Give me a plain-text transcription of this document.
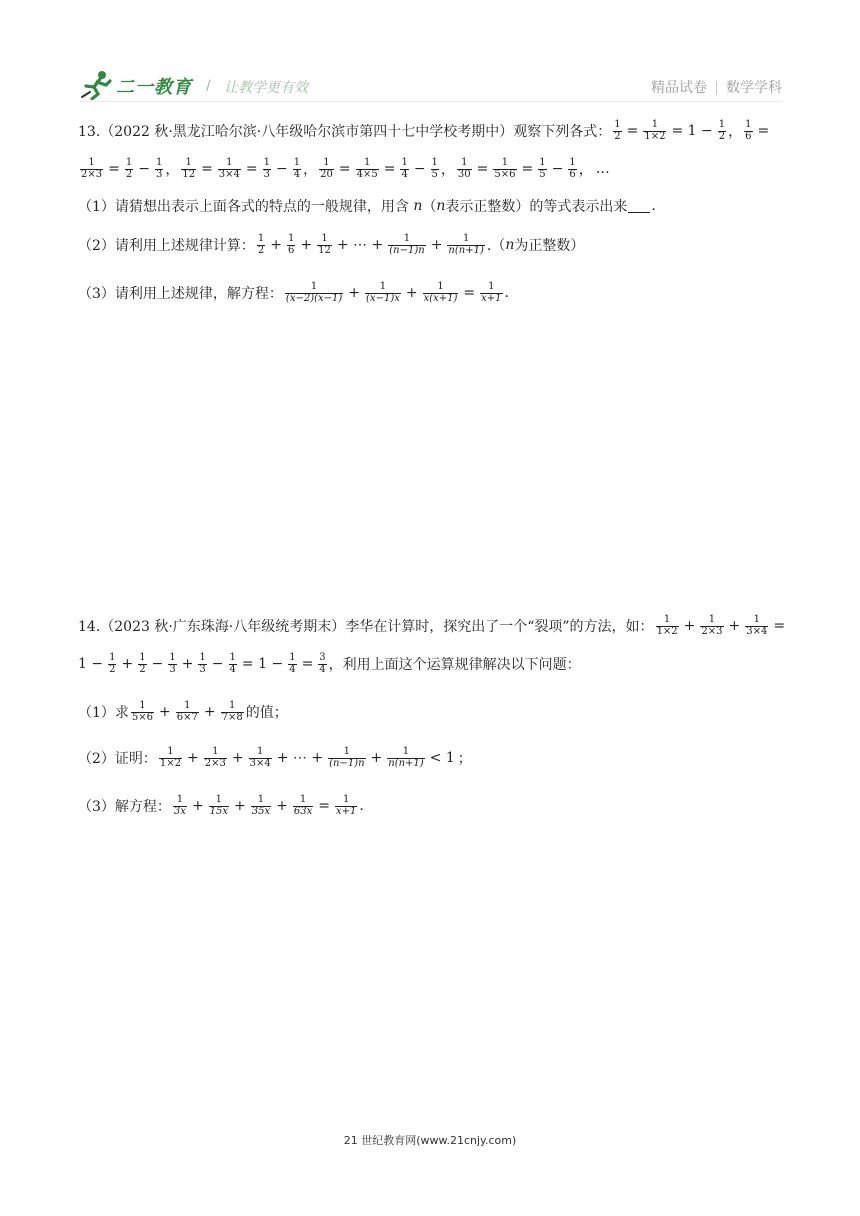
二一教育 / 让教学更有效	精品试卷 数学学科
13.（2022 秋·黑龙江哈尔滨·八年级哈尔滨市第四十七中学校考期中）观察下列各式： $\frac{1}{2} = \frac{1}{1\times 2} = 1 - \frac{1}{2}$ ， $\frac{1}{6}$ =
$\frac{1}{2\times 3} = \frac{1}{2} - \frac{1}{3}$ ， $\frac{1}{12} = \frac{1}{3\times 4} = \frac{1}{3} - \frac{1}{4}$ ， $\frac{1}{20} = \frac{1}{4\times 5} = \frac{1}{4} - \frac{1}{5}$ ， $\frac{1}{30} = \frac{1}{5\times 6} = \frac{1}{5} - \frac{1}{6}$ ， …
（1）请猜想出表示上面各式的特点的一般规律，用含 n （ n 表示正整数）的等式表示出来 .
（2）请利用上述规律计算： $\frac{1}{2} + \frac{1}{6} + \frac{1}{12}$ + ⋯ + $\frac{1}{(n-1)n} + \frac{1}{n(n+1)}$ .（ n 为正整数）
（3）请利用上述规律，解方程： $\frac{1}{(x-2)(x-1)} + \frac{1}{(x-1)x} + \frac{1}{x(x+1)} = \frac{1}{x+1}$ .
14.（2023 秋·广东珠海·八年级统考期末）李华在计算时，探究出了一个“裂项”的方法，如： $\frac{1}{1\times 2} + \frac{1}{2\times 3} + \frac{1}{3\times 4}$ =
$1 - \frac{1}{2} + \frac{1}{2} - \frac{1}{3} + \frac{1}{3} - \frac{1}{4} = 1 - \frac{1}{4} = \frac{3}{4}$ ，利用上面这个运算规律解决以下问题：
（1）求 $\frac{1}{5\times 6} + \frac{1}{6\times 7} + \frac{1}{7\times 8}$ 的值；
（2）证明： $\frac{1}{1\times 2} + \frac{1}{2\times 3} + \frac{1}{3\times 4}$ + ⋯ + $\frac{1}{(n-1)n} + \frac{1}{n(n+1)} < 1$ ；
（3）解方程： $\frac{1}{3x} + \frac{1}{15x} + \frac{1}{35x} + \frac{1}{63x} = \frac{1}{x+1}$ .
21 世纪教育网(www.21cnjy.com)
